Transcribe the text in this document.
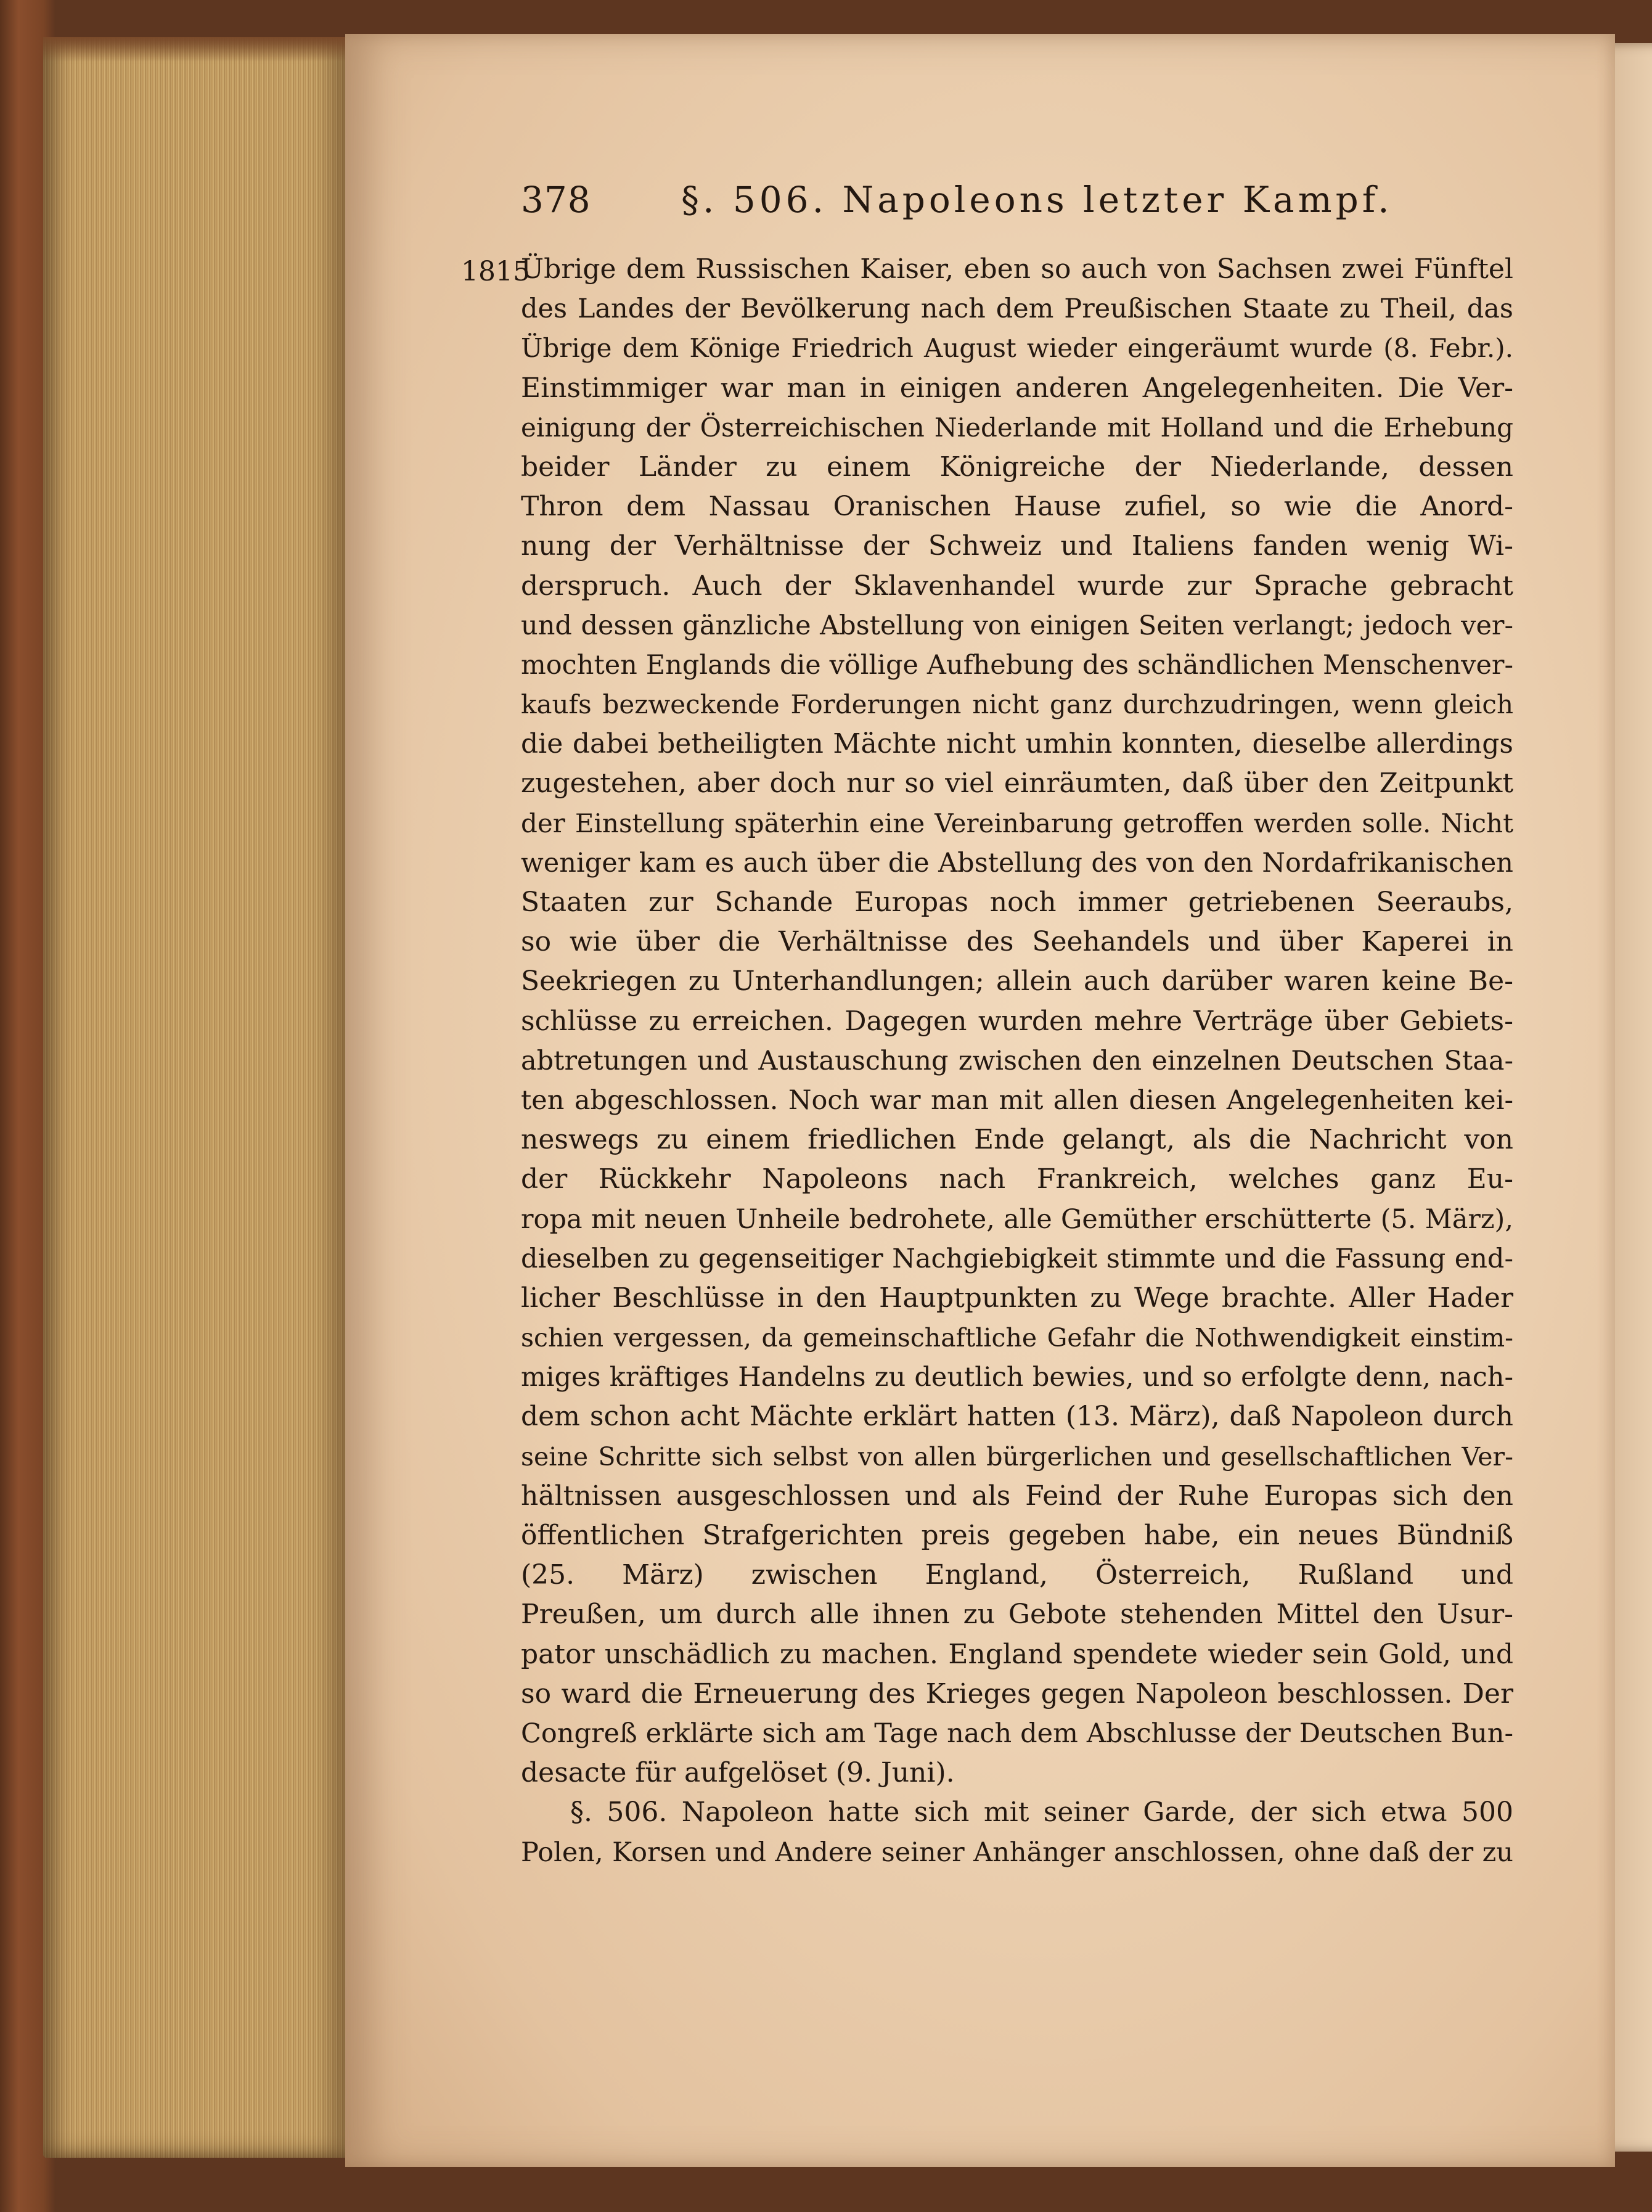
378	§. 506. Napoleons letzter Kampf.
1815
Übrige dem Russischen Kaiser, eben so auch von Sachsen zwei Fünftel
des Landes der Bevölkerung nach dem Preußischen Staate zu Theil, das
Übrige dem Könige Friedrich August wieder eingeräumt wurde (8. Febr.).
Einstimmiger war man in einigen anderen Angelegenheiten. Die Ver-
einigung der Österreichischen Niederlande mit Holland und die Erhebung
beider Länder zu einem Königreiche der Niederlande, dessen
Thron dem Nassau Oranischen Hause zufiel, so wie die Anord-
nung der Verhältnisse der Schweiz und Italiens fanden wenig Wi-
derspruch. Auch der Sklavenhandel wurde zur Sprache gebracht
und dessen gänzliche Abstellung von einigen Seiten verlangt; jedoch ver-
mochten Englands die völlige Aufhebung des schändlichen Menschenver-
kaufs bezweckende Forderungen nicht ganz durchzudringen, wenn gleich
die dabei betheiligten Mächte nicht umhin konnten, dieselbe allerdings
zugestehen, aber doch nur so viel einräumten, daß über den Zeitpunkt
der Einstellung späterhin eine Vereinbarung getroffen werden solle. Nicht
weniger kam es auch über die Abstellung des von den Nordafrikanischen
Staaten zur Schande Europas noch immer getriebenen Seeraubs,
so wie über die Verhältnisse des Seehandels und über Kaperei in
Seekriegen zu Unterhandlungen; allein auch darüber waren keine Be-
schlüsse zu erreichen. Dagegen wurden mehre Verträge über Gebiets-
abtretungen und Austauschung zwischen den einzelnen Deutschen Staa-
ten abgeschlossen. Noch war man mit allen diesen Angelegenheiten kei-
neswegs zu einem friedlichen Ende gelangt, als die Nachricht von
der Rückkehr Napoleons nach Frankreich, welches ganz Eu-
ropa mit neuen Unheile bedrohete, alle Gemüther erschütterte (5. März),
dieselben zu gegenseitiger Nachgiebigkeit stimmte und die Fassung end-
licher Beschlüsse in den Hauptpunkten zu Wege brachte. Aller Hader
schien vergessen, da gemeinschaftliche Gefahr die Nothwendigkeit einstim-
miges kräftiges Handelns zu deutlich bewies, und so erfolgte denn, nach-
dem schon acht Mächte erklärt hatten (13. März), daß Napoleon durch
seine Schritte sich selbst von allen bürgerlichen und gesellschaftlichen Ver-
hältnissen ausgeschlossen und als Feind der Ruhe Europas sich den
öffentlichen Strafgerichten preis gegeben habe, ein neues Bündniß
(25. März) zwischen England, Österreich, Rußland und
Preußen, um durch alle ihnen zu Gebote stehenden Mittel den Usur-
pator unschädlich zu machen. England spendete wieder sein Gold, und
so ward die Erneuerung des Krieges gegen Napoleon beschlossen. Der
Congreß erklärte sich am Tage nach dem Abschlusse der Deutschen Bun-
desacte für aufgelöset (9. Juni).
§. 506. Napoleon hatte sich mit seiner Garde, der sich etwa 500
Polen, Korsen und Andere seiner Anhänger anschlossen, ohne daß der zu
